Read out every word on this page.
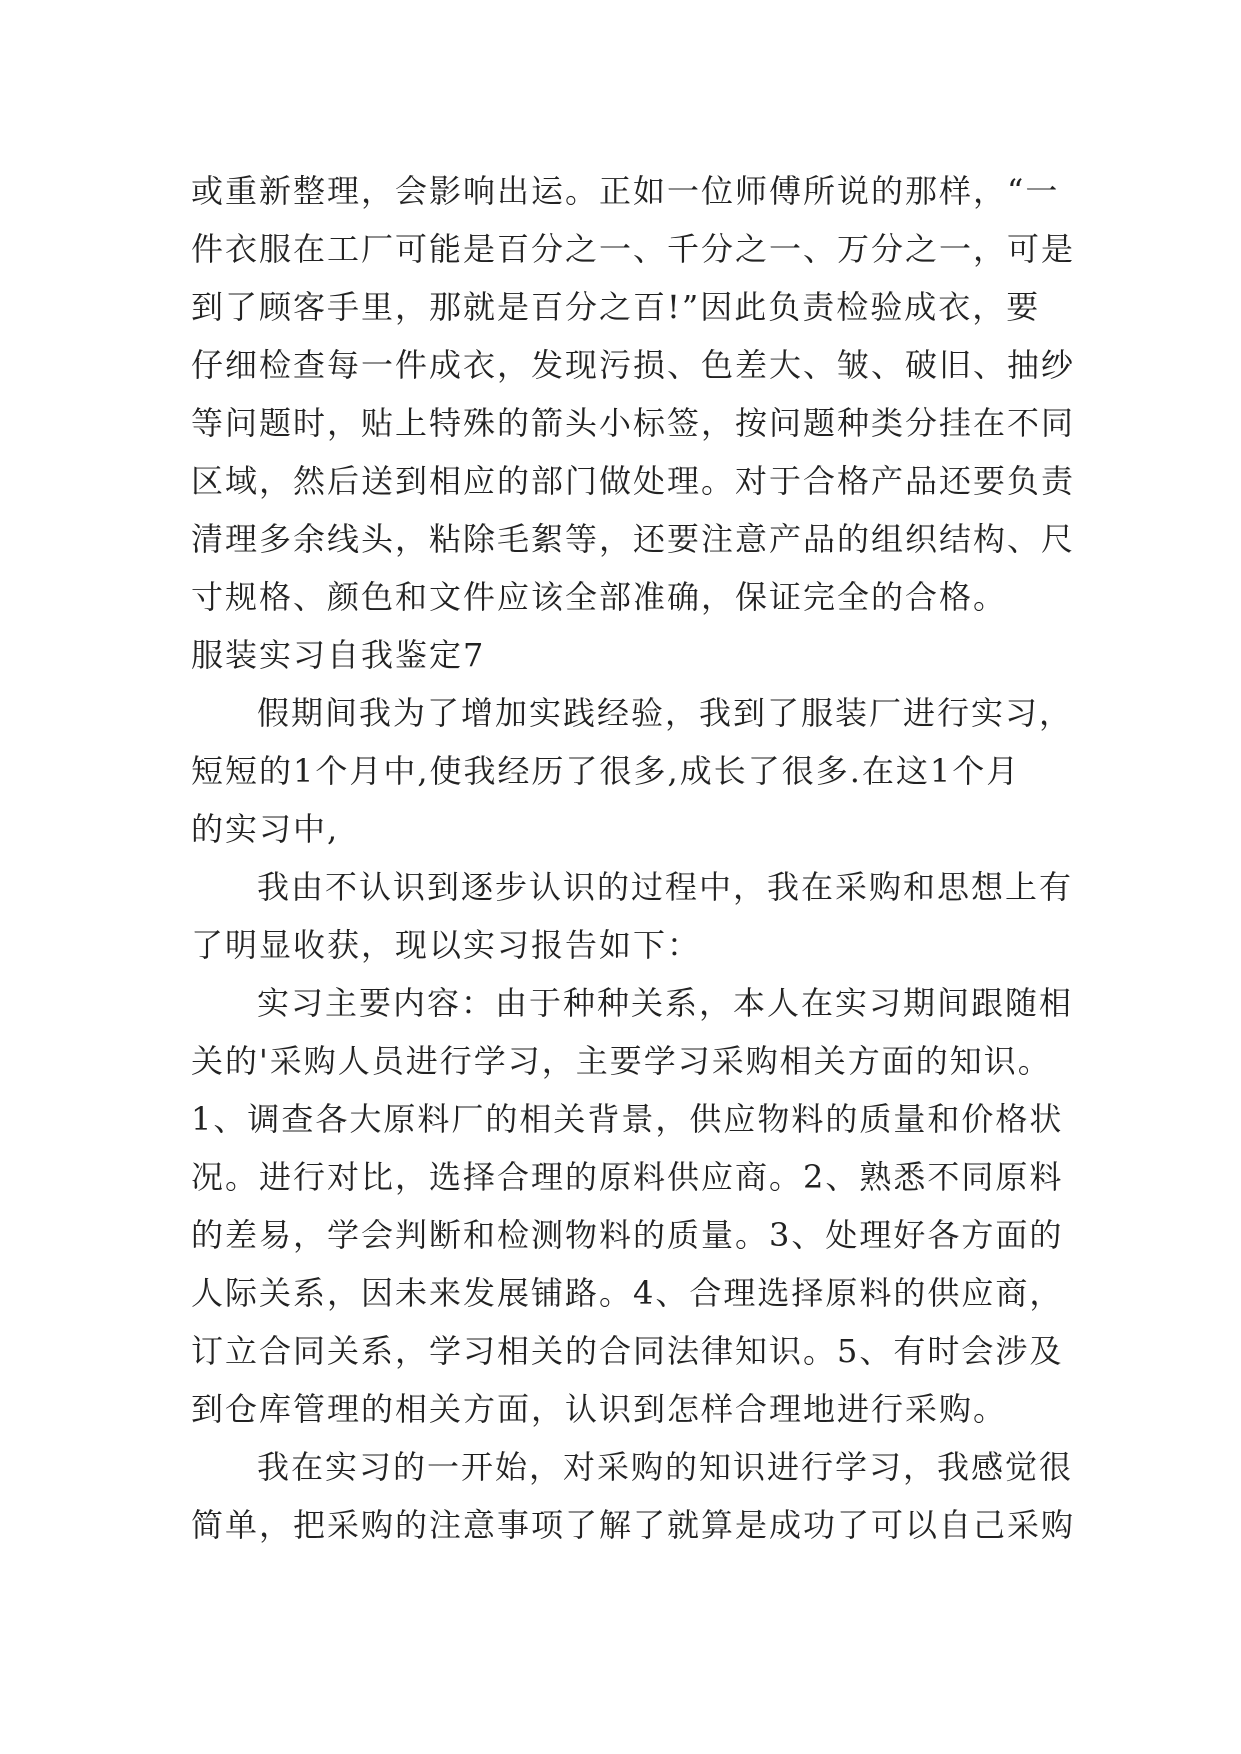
或重新整理，会影响出运。正如一位师傅所说的那样，“一
件衣服在工厂可能是百分之一、千分之一、万分之一，可是
到了顾客手里，那就是百分之百!”因此负责检验成衣，要
仔细检查每一件成衣，发现污损、色差大、皱、破旧、抽纱
等问题时，贴上特殊的箭头小标签，按问题种类分挂在不同
区域，然后送到相应的部门做处理。对于合格产品还要负责
清理多余线头，粘除毛絮等，还要注意产品的组织结构、尺
寸规格、颜色和文件应该全部准确，保证完全的合格。
服装实习自我鉴定7
假期间我为了增加实践经验，我到了服装厂进行实习，
短短的1个月中,使我经历了很多,成长了很多.在这1个月
的实习中,
我由不认识到逐步认识的过程中，我在采购和思想上有
了明显收获，现以实习报告如下：
实习主要内容：由于种种关系，本人在实习期间跟随相
关的'采购人员进行学习，主要学习采购相关方面的知识。
1、调查各大原料厂的相关背景，供应物料的质量和价格状
况。进行对比，选择合理的原料供应商。2、熟悉不同原料
的差易，学会判断和检测物料的质量。3、处理好各方面的
人际关系，因未来发展铺路。4、合理选择原料的供应商，
订立合同关系，学习相关的合同法律知识。5、有时会涉及
到仓库管理的相关方面，认识到怎样合理地进行采购。
我在实习的一开始，对采购的知识进行学习，我感觉很
简单，把采购的注意事项了解了就算是成功了可以自己采购
